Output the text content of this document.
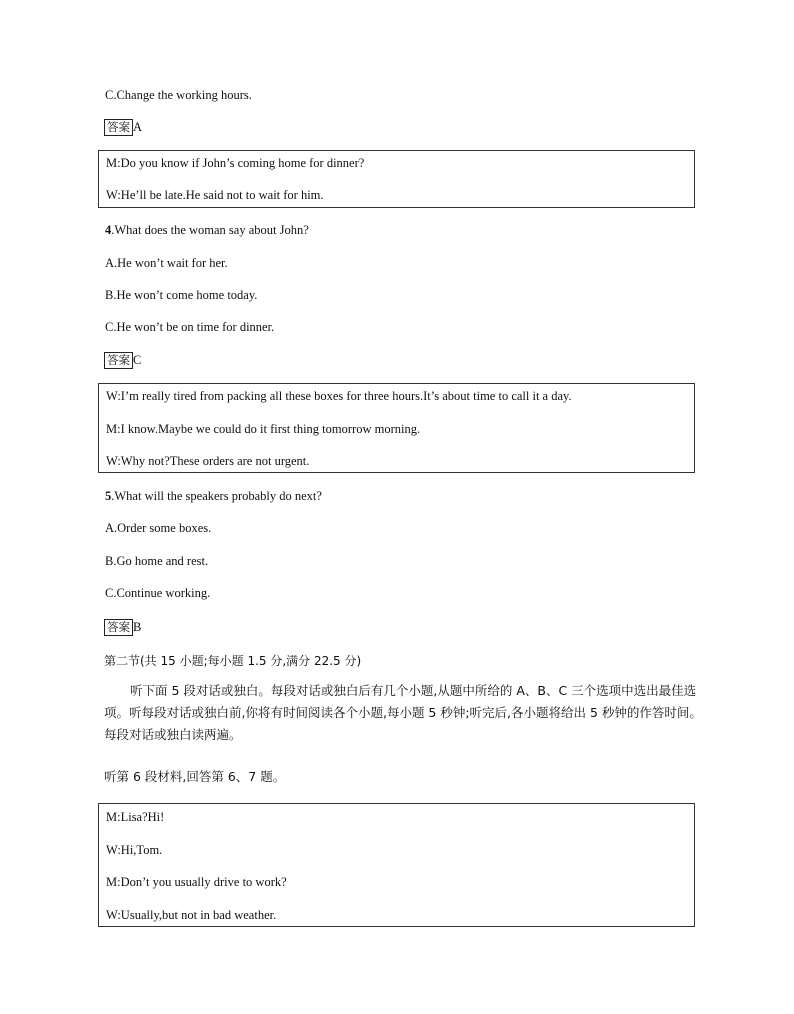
C.Change the working hours.
答案 A
M:Do you know if John’s coming home for dinner?
W:He’ll be late.He said not to wait for him.
4.What does the woman say about John?
A.He won’t wait for her.
B.He won’t come home today.
C.He won’t be on time for dinner.
答案 C
W:I’m really tired from packing all these boxes for three hours.It’s about time to call it a day.
M:I know.Maybe we could do it first thing tomorrow morning.
W:Why not?These orders are not urgent.
5.What will the speakers probably do next?
A.Order some boxes.
B.Go home and rest.
C.Continue working.
答案 B
第二节(共 15 小题;每小题 1.5 分,满分 22.5 分)
听下面 5 段对话或独白。每段对话或独白后有几个小题,从题中所给的 A、B、C 三个选项中选出最佳选项。听每段对话或独白前,你将有时间阅读各个小题,每小题 5 秒钟;听完后,各小题将给出 5 秒钟的作答时间。每段对话或独白读两遍。
听第 6 段材料,回答第 6、7 题。
M:Lisa?Hi!
W:Hi,Tom.
M:Don’t you usually drive to work?
W:Usually,but not in bad weather.
